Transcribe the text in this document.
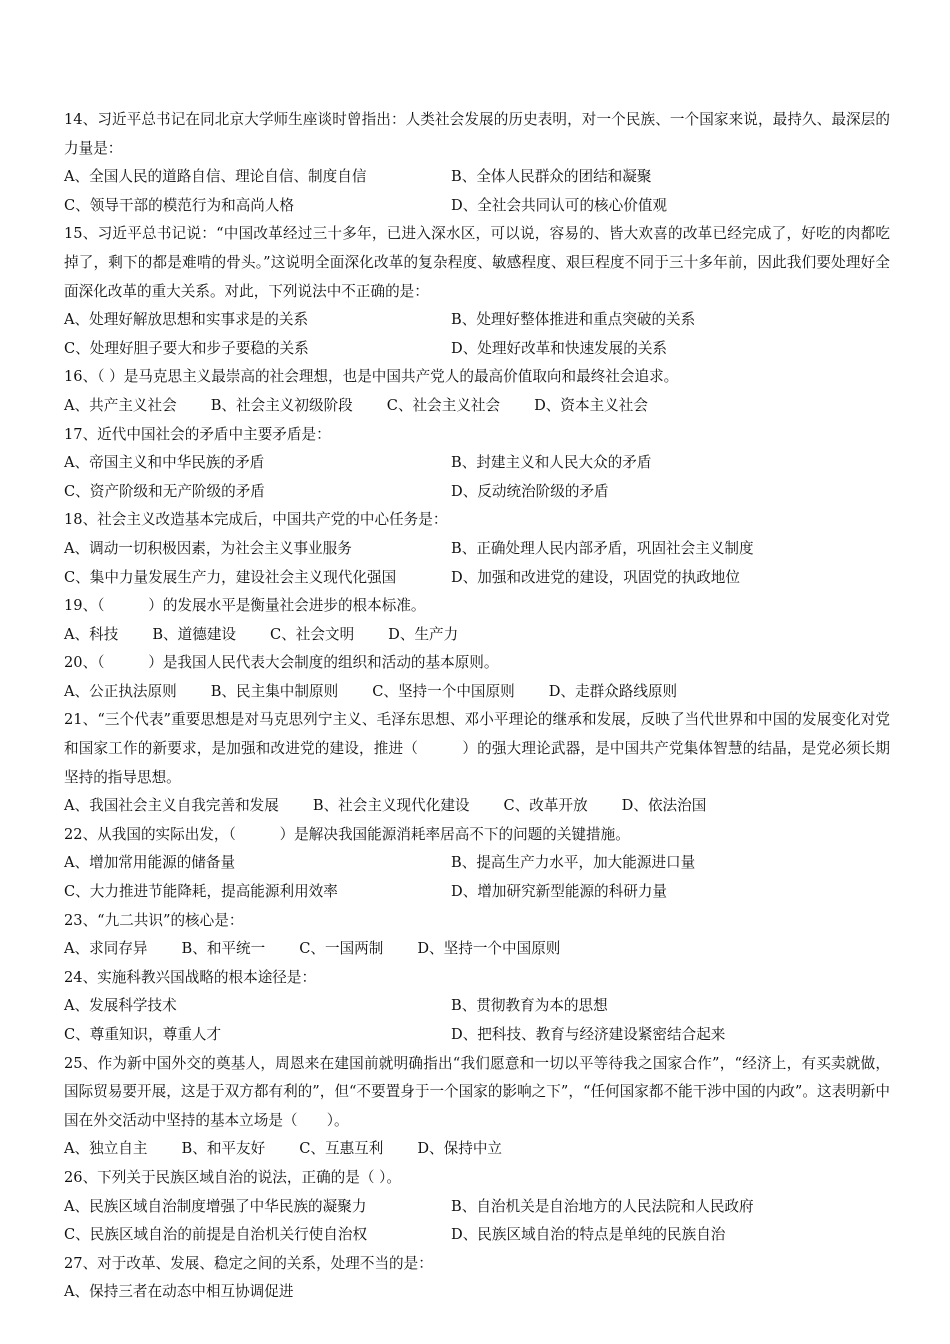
14、习近平总书记在同北京大学师生座谈时曾指出：人类社会发展的历史表明，对一个民族、一个国家来说，最持久、最深层的力量是：
A、全国人民的道路自信、理论自信、制度自信	B、全体人民群众的团结和凝聚
C、领导干部的模范行为和高尚人格	D、全社会共同认可的核心价值观
15、习近平总书记说：“中国改革经过三十多年，已进入深水区，可以说，容易的、皆大欢喜的改革已经完成了，好吃的肉都吃掉了，剩下的都是难啃的骨头。”这说明全面深化改革的复杂程度、敏感程度、艰巨程度不同于三十多年前，因此我们要处理好全面深化改革的重大关系。对此，下列说法中不正确的是：
A、处理好解放思想和实事求是的关系	B、处理好整体推进和重点突破的关系
C、处理好胆子要大和步子要稳的关系	D、处理好改革和快速发展的关系
16、（ ）是马克思主义最崇高的社会理想，也是中国共产党人的最高价值取向和最终社会追求。
A、共产主义社会 B、社会主义初级阶段 C、社会主义社会 D、资本主义社会
17、近代中国社会的矛盾中主要矛盾是：
A、帝国主义和中华民族的矛盾	B、封建主义和人民大众的矛盾
C、资产阶级和无产阶级的矛盾	D、反动统治阶级的矛盾
18、社会主义改造基本完成后，中国共产党的中心任务是：
A、调动一切积极因素，为社会主义事业服务	B、正确处理人民内部矛盾，巩固社会主义制度
C、集中力量发展生产力，建设社会主义现代化强国	D、加强和改进党的建设，巩固党的执政地位
19、（　　　）的发展水平是衡量社会进步的根本标准。
A、科技 B、道德建设 C、社会文明 D、生产力
20、（　　　）是我国人民代表大会制度的组织和活动的基本原则。
A、公正执法原则 B、民主集中制原则 C、坚持一个中国原则 D、走群众路线原则
21、“三个代表”重要思想是对马克思列宁主义、毛泽东思想、邓小平理论的继承和发展，反映了当代世界和中国的发展变化对党和国家工作的新要求，是加强和改进党的建设，推进（　　　）的强大理论武器，是中国共产党集体智慧的结晶，是党必须长期坚持的指导思想。
A、我国社会主义自我完善和发展 B、社会主义现代化建设 C、改革开放 D、依法治国
22、从我国的实际出发，（　　　）是解决我国能源消耗率居高不下的问题的关键措施。
A、增加常用能源的储备量	B、提高生产力水平，加大能源进口量
C、大力推进节能降耗，提高能源利用效率	D、增加研究新型能源的科研力量
23、“九二共识”的核心是：
A、求同存异 B、和平统一 C、一国两制 D、坚持一个中国原则
24、实施科教兴国战略的根本途径是：
A、发展科学技术	B、贯彻教育为本的思想
C、尊重知识，尊重人才	D、把科技、教育与经济建设紧密结合起来
25、作为新中国外交的奠基人，周恩来在建国前就明确指出“我们愿意和一切以平等待我之国家合作”，“经济上，有买卖就做，国际贸易要开展，这是于双方都有利的”，但“不要置身于一个国家的影响之下”，“任何国家都不能干涉中国的内政”。这表明新中国在外交活动中坚持的基本立场是（　　）。
A、独立自主 B、和平友好 C、互惠互利 D、保持中立
26、下列关于民族区域自治的说法，正确的是（ ）。
A、民族区域自治制度增强了中华民族的凝聚力	B、自治机关是自治地方的人民法院和人民政府
C、民族区域自治的前提是自治机关行使自治权	D、民族区域自治的特点是单纯的民族自治
27、对于改革、发展、稳定之间的关系，处理不当的是：
A、保持三者在动态中相互协调促进
